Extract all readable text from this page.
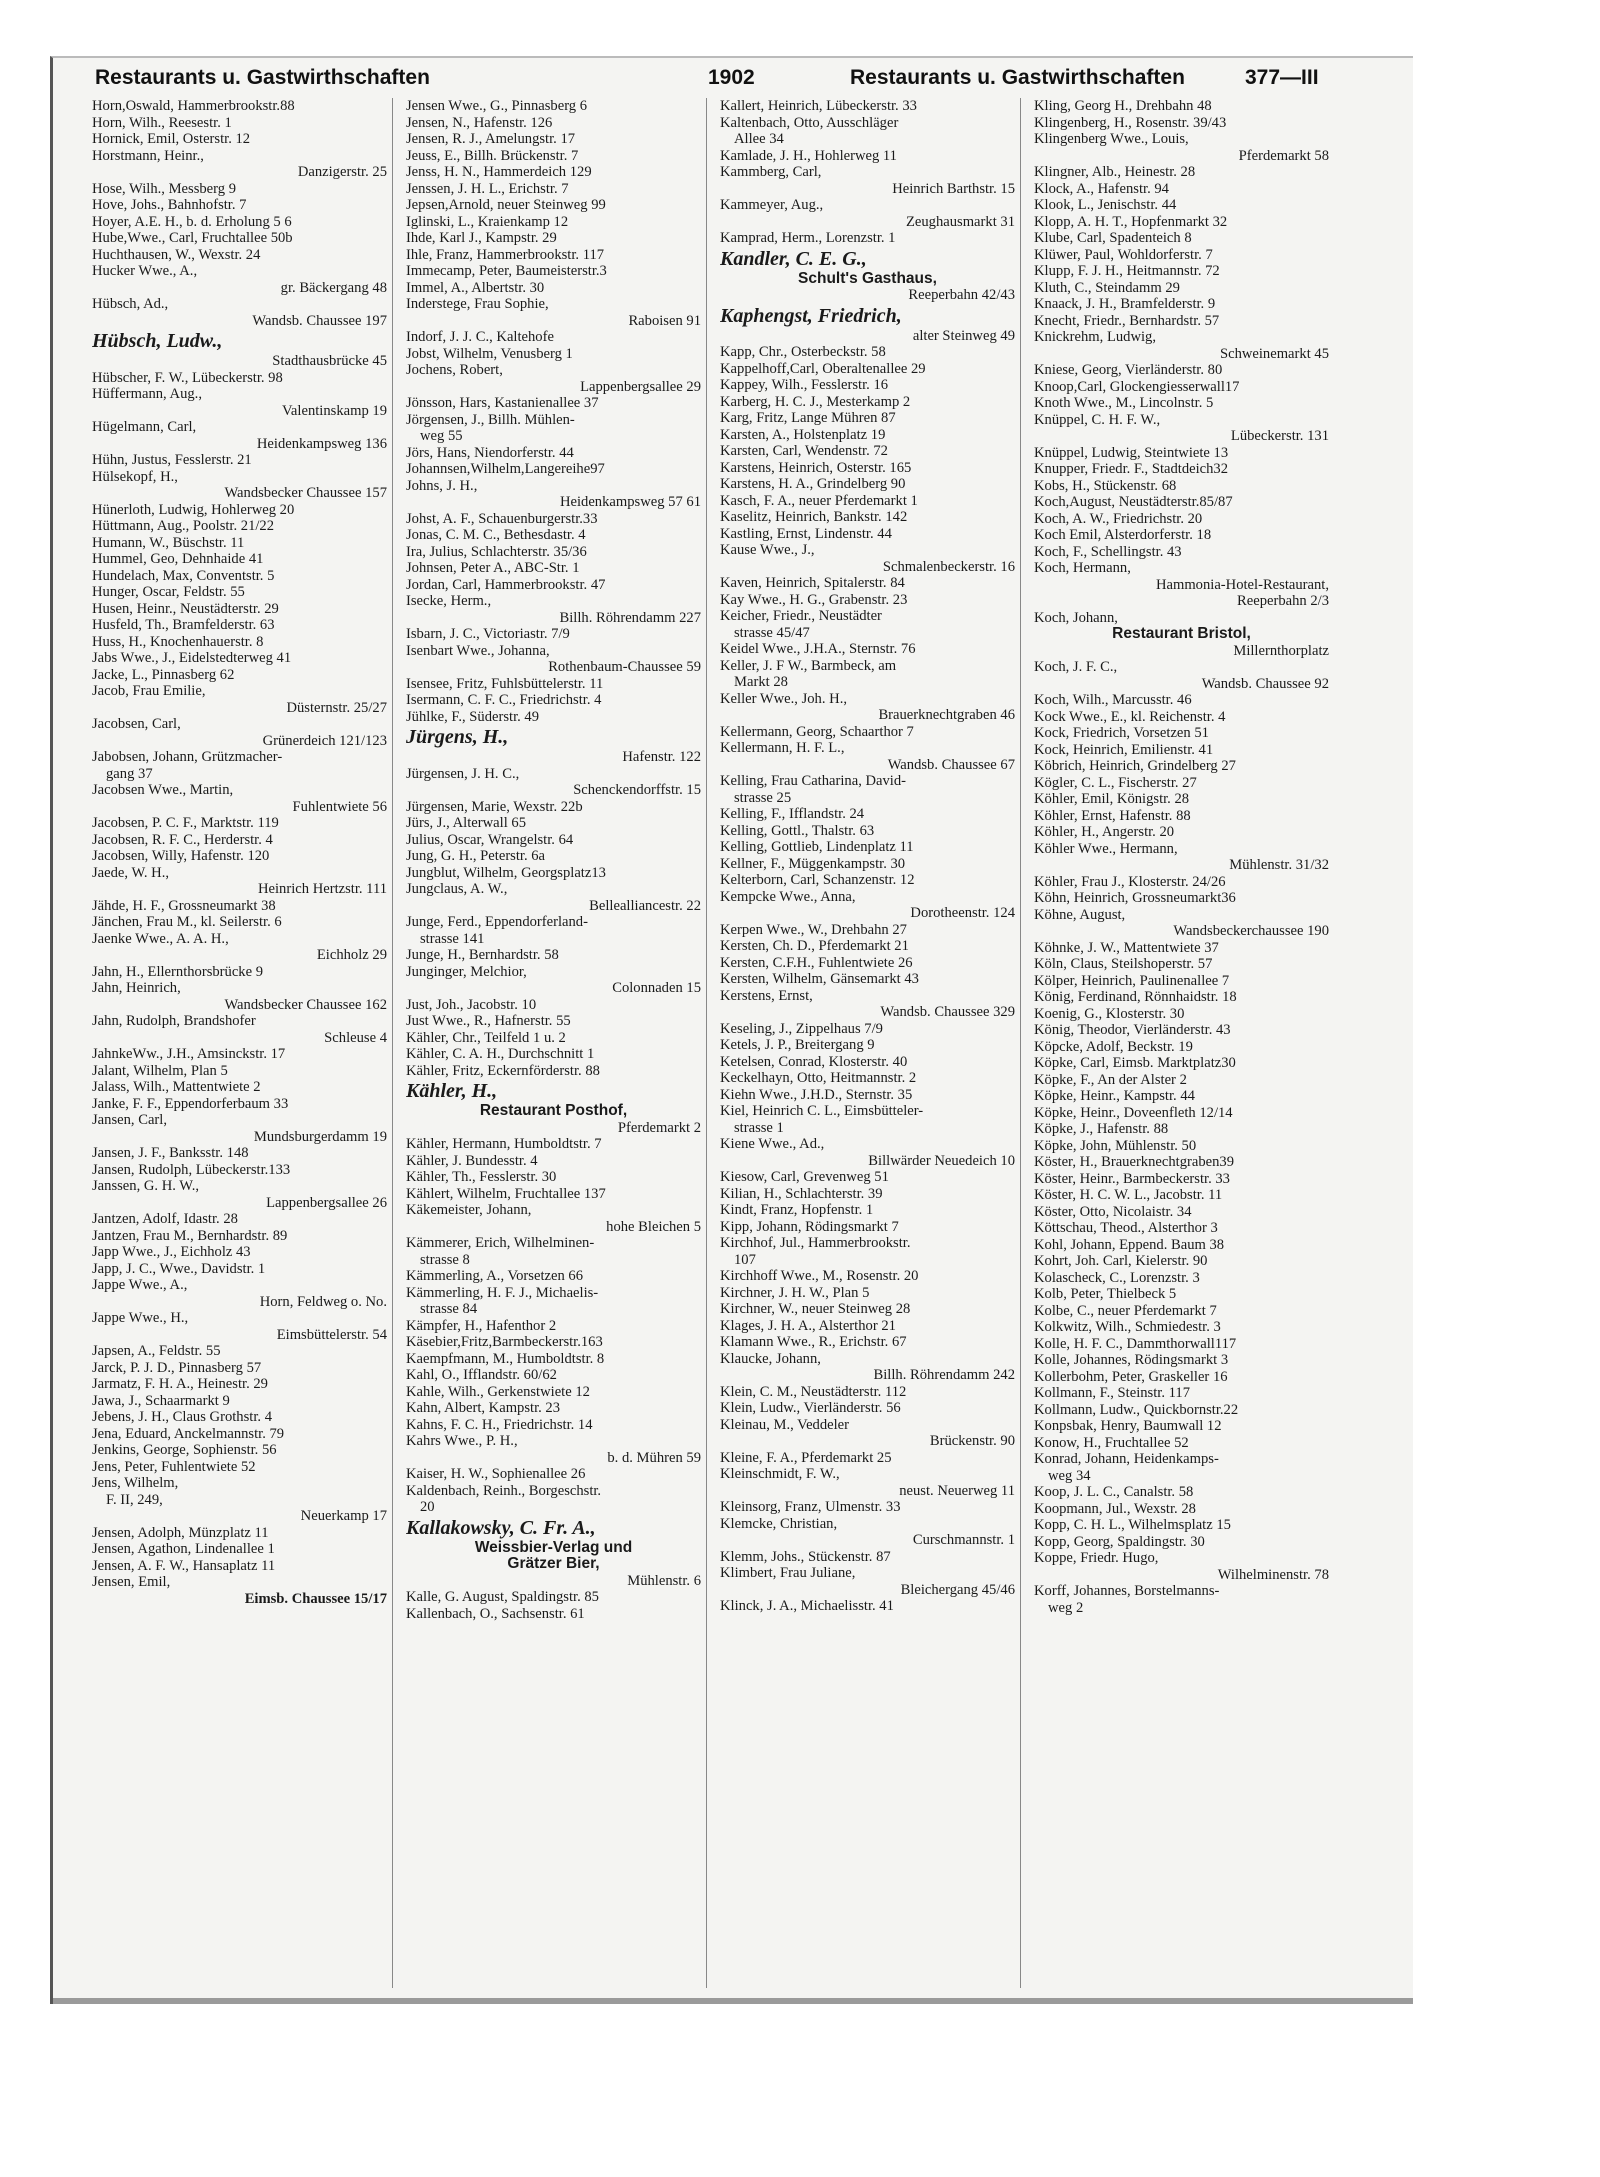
Restaurants u. Gastwirthschaften	1902	Restaurants u. Gastwirthschaften	377—III
Horn,Oswald, Hammerbrookstr.88
Horn, Wilh., Reesestr. 1
Hornick, Emil, Osterstr. 12
Horstmann, Heinr.,
Danzigerstr. 25
Hose, Wilh., Messberg 9
Hove, Johs., Bahnhofstr. 7
Hoyer, A.E. H., b. d. Erholung 5 6
Hube,Wwe., Carl, Fruchtallee 50b
Huchthausen, W., Wexstr. 24
Hucker Wwe., A.,
gr. Bäckergang 48
Hübsch, Ad.,
Wandsb. Chaussee 197
Hübsch, Ludw.,
Stadthausbrücke 45
Hübscher, F. W., Lübeckerstr. 98
Hüffermann, Aug.,
Valentinskamp 19
Hügelmann, Carl,
Heidenkampsweg 136
Hühn, Justus, Fesslerstr. 21
Hülsekopf, H.,
Wandsbecker Chaussee 157
Hünerloth, Ludwig, Hohlerweg 20
Hüttmann, Aug., Poolstr. 21/22
Humann, W., Büschstr. 11
Hummel, Geo, Dehnhaide 41
Hundelach, Max, Conventstr. 5
Hunger, Oscar, Feldstr. 55
Husen, Heinr., Neustädterstr. 29
Husfeld, Th., Bramfelderstr. 63
Huss, H., Knochenhauerstr. 8
Jabs Wwe., J., Eidelstedterweg 41
Jacke, L., Pinnasberg 62
Jacob, Frau Emilie,
Düsternstr. 25/27
Jacobsen, Carl,
Grünerdeich 121/123
Jabobsen, Johann, Grützmacher-
gang 37
Jacobsen Wwe., Martin,
Fuhlentwiete 56
Jacobsen, P. C. F., Marktstr. 119
Jacobsen, R. F. C., Herderstr. 4
Jacobsen, Willy, Hafenstr. 120
Jaede, W. H.,
Heinrich Hertzstr. 111
Jähde, H. F., Grossneumarkt 38
Jänchen, Frau M., kl. Seilerstr. 6
Jaenke Wwe., A. A. H.,
Eichholz 29
Jahn, H., Ellernthorsbrücke 9
Jahn, Heinrich,
Wandsbecker Chaussee 162
Jahn, Rudolph, Brandshofer
Schleuse 4
JahnkeWw., J.H., Amsinckstr. 17
Jalant, Wilhelm, Plan 5
Jalass, Wilh., Mattentwiete 2
Janke, F. F., Eppendorferbaum 33
Jansen, Carl,
Mundsburgerdamm 19
Jansen, J. F., Banksstr. 148
Jansen, Rudolph, Lübeckerstr.133
Janssen, G. H. W.,
Lappenbergsallee 26
Jantzen, Adolf, Idastr. 28
Jantzen, Frau M., Bernhardstr. 89
Japp Wwe., J., Eichholz 43
Japp, J. C., Wwe., Davidstr. 1
Jappe Wwe., A.,
Horn, Feldweg o. No.
Jappe Wwe., H.,
Eimsbüttelerstr. 54
Japsen, A., Feldstr. 55
Jarck, P. J. D., Pinnasberg 57
Jarmatz, F. H. A., Heinestr. 29
Jawa, J., Schaarmarkt 9
Jebens, J. H., Claus Grothstr. 4
Jena, Eduard, Anckelmannstr. 79
Jenkins, George, Sophienstr. 56
Jens, Peter, Fuhlentwiete 52
Jens, Wilhelm,
F. II, 249,
Neuerkamp 17
Jensen, Adolph, Münzplatz 11
Jensen, Agathon, Lindenallee 1
Jensen, A. F. W., Hansaplatz 11
Jensen, Emil,
Eimsb. Chaussee 15/17
Jensen Wwe., G., Pinnasberg 6
Jensen, N., Hafenstr. 126
Jensen, R. J., Amelungstr. 17
Jeuss, E., Billh. Brückenstr. 7
Jenss, H. N., Hammerdeich 129
Jenssen, J. H. L., Erichstr. 7
Jepsen,Arnold, neuer Steinweg 99
Iglinski, L., Kraienkamp 12
Ihde, Karl J., Kampstr. 29
Ihle, Franz, Hammerbrookstr. 117
Immecamp, Peter, Baumeisterstr.3
Immel, A., Albertstr. 30
Inderstege, Frau Sophie,
Raboisen 91
Indorf, J. J. C., Kaltehofe
Jobst, Wilhelm, Venusberg 1
Jochens, Robert,
Lappenbergsallee 29
Jönsson, Hars, Kastanienallee 37
Jörgensen, J., Billh. Mühlen-
weg 55
Jörs, Hans, Niendorferstr. 44
Johannsen,Wilhelm,Langereihe97
Johns, J. H.,
Heidenkampsweg 57 61
Johst, A. F., Schauenburgerstr.33
Jonas, C. M. C., Bethesdastr. 4
Ira, Julius, Schlachterstr. 35/36
Johnsen, Peter A., ABC-Str. 1
Jordan, Carl, Hammerbrookstr. 47
Isecke, Herm.,
Billh. Röhrendamm 227
Isbarn, J. C., Victoriastr. 7/9
Isenbart Wwe., Johanna,
Rothenbaum-Chaussee 59
Isensee, Fritz, Fuhlsbüttelerstr. 11
Isermann, C. F. C., Friedrichstr. 4
Jühlke, F., Süderstr. 49
Jürgens, H.,
Hafenstr. 122
Jürgensen, J. H. C.,
Schenckendorffstr. 15
Jürgensen, Marie, Wexstr. 22b
Jürs, J., Alterwall 65
Julius, Oscar, Wrangelstr. 64
Jung, G. H., Peterstr. 6a
Jungblut, Wilhelm, Georgsplatz13
Jungclaus, A. W.,
Bellealliancestr. 22
Junge, Ferd., Eppendorferland-
strasse 141
Junge, H., Bernhardstr. 58
Junginger, Melchior,
Colonnaden 15
Just, Joh., Jacobstr. 10
Just Wwe., R., Hafnerstr. 55
Kähler, Chr., Teilfeld 1 u. 2
Kähler, C. A. H., Durchschnitt 1
Kähler, Fritz, Eckernförderstr. 88
Kähler, H.,
Restaurant Posthof,
Pferdemarkt 2
Kähler, Hermann, Humboldtstr. 7
Kähler, J. Bundesstr. 4
Kähler, Th., Fesslerstr. 30
Kählert, Wilhelm, Fruchtallee 137
Käkemeister, Johann,
hohe Bleichen 5
Kämmerer, Erich, Wilhelminen-
strasse 8
Kämmerling, A., Vorsetzen 66
Kämmerling, H. F. J., Michaelis-
strasse 84
Kämpfer, H., Hafenthor 2
Käsebier,Fritz,Barmbeckerstr.163
Kaempfmann, M., Humboldtstr. 8
Kahl, O., Ifflandstr. 60/62
Kahle, Wilh., Gerkenstwiete 12
Kahn, Albert, Kampstr. 23
Kahns, F. C. H., Friedrichstr. 14
Kahrs Wwe., P. H.,
b. d. Mühren 59
Kaiser, H. W., Sophienallee 26
Kaldenbach, Reinh., Borgeschstr.
20
Kallakowsky, C. Fr. A.,
Weissbier-Verlag und
Grätzer Bier,
Mühlenstr. 6
Kalle, G. August, Spaldingstr. 85
Kallenbach, O., Sachsenstr. 61
Kallert, Heinrich, Lübeckerstr. 33
Kaltenbach, Otto, Ausschläger
Allee 34
Kamlade, J. H., Hohlerweg 11
Kammberg, Carl,
Heinrich Barthstr. 15
Kammeyer, Aug.,
Zeughausmarkt 31
Kamprad, Herm., Lorenzstr. 1
Kandler, C. E. G.,
Schult's Gasthaus,
Reeperbahn 42/43
Kaphengst, Friedrich,
alter Steinweg 49
Kapp, Chr., Osterbeckstr. 58
Kappelhoff,Carl, Oberaltenallee 29
Kappey, Wilh., Fesslerstr. 16
Karberg, H. C. J., Mesterkamp 2
Karg, Fritz, Lange Mühren 87
Karsten, A., Holstenplatz 19
Karsten, Carl, Wendenstr. 72
Karstens, Heinrich, Osterstr. 165
Karstens, H. A., Grindelberg 90
Kasch, F. A., neuer Pferdemarkt 1
Kaselitz, Heinrich, Bankstr. 142
Kastling, Ernst, Lindenstr. 44
Kause Wwe., J.,
Schmalenbeckerstr. 16
Kaven, Heinrich, Spitalerstr. 84
Kay Wwe., H. G., Grabenstr. 23
Keicher, Friedr., Neustädter
strasse 45/47
Keidel Wwe., J.H.A., Sternstr. 76
Keller, J. F W., Barmbeck, am
Markt 28
Keller Wwe., Joh. H.,
Brauerknechtgraben 46
Kellermann, Georg, Schaarthor 7
Kellermann, H. F. L.,
Wandsb. Chaussee 67
Kelling, Frau Catharina, David-
strasse 25
Kelling, F., Ifflandstr. 24
Kelling, Gottl., Thalstr. 63
Kelling, Gottlieb, Lindenplatz 11
Kellner, F., Müggenkampstr. 30
Kelterborn, Carl, Schanzenstr. 12
Kempcke Wwe., Anna,
Dorotheenstr. 124
Kerpen Wwe., W., Drehbahn 27
Kersten, Ch. D., Pferdemarkt 21
Kersten, C.F.H., Fuhlentwiete 26
Kersten, Wilhelm, Gänsemarkt 43
Kerstens, Ernst,
Wandsb. Chaussee 329
Keseling, J., Zippelhaus 7/9
Ketels, J. P., Breitergang 9
Ketelsen, Conrad, Klosterstr. 40
Keckelhayn, Otto, Heitmannstr. 2
Kiehn Wwe., J.H.D., Sternstr. 35
Kiel, Heinrich C. L., Eimsbütteler-
strasse 1
Kiene Wwe., Ad.,
Billwärder Neuedeich 10
Kiesow, Carl, Grevenweg 51
Kilian, H., Schlachterstr. 39
Kindt, Franz, Hopfenstr. 1
Kipp, Johann, Rödingsmarkt 7
Kirchhof, Jul., Hammerbrookstr.
107
Kirchhoff Wwe., M., Rosenstr. 20
Kirchner, J. H. W., Plan 5
Kirchner, W., neuer Steinweg 28
Klages, J. H. A., Alsterthor 21
Klamann Wwe., R., Erichstr. 67
Klaucke, Johann,
Billh. Röhrendamm 242
Klein, C. M., Neustädterstr. 112
Klein, Ludw., Vierländerstr. 56
Kleinau, M., Veddeler
Brückenstr. 90
Kleine, F. A., Pferdemarkt 25
Kleinschmidt, F. W.,
neust. Neuerweg 11
Kleinsorg, Franz, Ulmenstr. 33
Klemcke, Christian,
Curschmannstr. 1
Klemm, Johs., Stückenstr. 87
Klimbert, Frau Juliane,
Bleichergang 45/46
Klinck, J. A., Michaelisstr. 41
Kling, Georg H., Drehbahn 48
Klingenberg, H., Rosenstr. 39/43
Klingenberg Wwe., Louis,
Pferdemarkt 58
Klingner, Alb., Heinestr. 28
Klock, A., Hafenstr. 94
Klook, L., Jenischstr. 44
Klopp, A. H. T., Hopfenmarkt 32
Klube, Carl, Spadenteich 8
Klüwer, Paul, Wohldorferstr. 7
Klupp, F. J. H., Heitmannstr. 72
Kluth, C., Steindamm 29
Knaack, J. H., Bramfelderstr. 9
Knecht, Friedr., Bernhardstr. 57
Knickrehm, Ludwig,
Schweinemarkt 45
Kniese, Georg, Vierländerstr. 80
Knoop,Carl, Glockengiesserwall17
Knoth Wwe., M., Lincolnstr. 5
Knüppel, C. H. F. W.,
Lübeckerstr. 131
Knüppel, Ludwig, Steintwiete 13
Knupper, Friedr. F., Stadtdeich32
Kobs, H., Stückenstr. 68
Koch,August, Neustädterstr.85/87
Koch, A. W., Friedrichstr. 20
Koch Emil, Alsterdorferstr. 18
Koch, F., Schellingstr. 43
Koch, Hermann,
Hammonia-Hotel-Restaurant,
Reeperbahn 2/3
Koch, Johann,
Restaurant Bristol,
Millernthorplatz
Koch, J. F. C.,
Wandsb. Chaussee 92
Koch, Wilh., Marcusstr. 46
Kock Wwe., E., kl. Reichenstr. 4
Kock, Friedrich, Vorsetzen 51
Kock, Heinrich, Emilienstr. 41
Köbrich, Heinrich, Grindelberg 27
Kögler, C. L., Fischerstr. 27
Köhler, Emil, Königstr. 28
Köhler, Ernst, Hafenstr. 88
Köhler, H., Angerstr. 20
Köhler Wwe., Hermann,
Mühlenstr. 31/32
Köhler, Frau J., Klosterstr. 24/26
Köhn, Heinrich, Grossneumarkt36
Köhne, August,
Wandsbeckerchaussee 190
Köhnke, J. W., Mattentwiete 37
Köln, Claus, Steilshoperstr. 57
Kölper, Heinrich, Paulinenallee 7
König, Ferdinand, Rönnhaidstr. 18
Koenig, G., Klosterstr. 30
König, Theodor, Vierländerstr. 43
Köpcke, Adolf, Beckstr. 19
Köpke, Carl, Eimsb. Marktplatz30
Köpke, F., An der Alster 2
Köpke, Heinr., Kampstr. 44
Köpke, Heinr., Doveenfleth 12/14
Köpke, J., Hafenstr. 88
Köpke, John, Mühlenstr. 50
Köster, H., Brauerknechtgraben39
Köster, Heinr., Barmbeckerstr. 33
Köster, H. C. W. L., Jacobstr. 11
Köster, Otto, Nicolaistr. 34
Köttschau, Theod., Alsterthor 3
Kohl, Johann, Eppend. Baum 38
Kohrt, Joh. Carl, Kielerstr. 90
Kolascheck, C., Lorenzstr. 3
Kolb, Peter, Thielbeck 5
Kolbe, C., neuer Pferdemarkt 7
Kolkwitz, Wilh., Schmiedestr. 3
Kolle, H. F. C., Dammthorwall117
Kolle, Johannes, Rödingsmarkt 3
Kollerbohm, Peter, Graskeller 16
Kollmann, F., Steinstr. 117
Kollmann, Ludw., Quickbornstr.22
Konpsbak, Henry, Baumwall 12
Konow, H., Fruchtallee 52
Konrad, Johann, Heidenkamps-
weg 34
Koop, J. L. C., Canalstr. 58
Koopmann, Jul., Wexstr. 28
Kopp, C. H. L., Wilhelmsplatz 15
Kopp, Georg, Spaldingstr. 30
Koppe, Friedr. Hugo,
Wilhelminenstr. 78
Korff, Johannes, Borstelmanns-
weg 2
